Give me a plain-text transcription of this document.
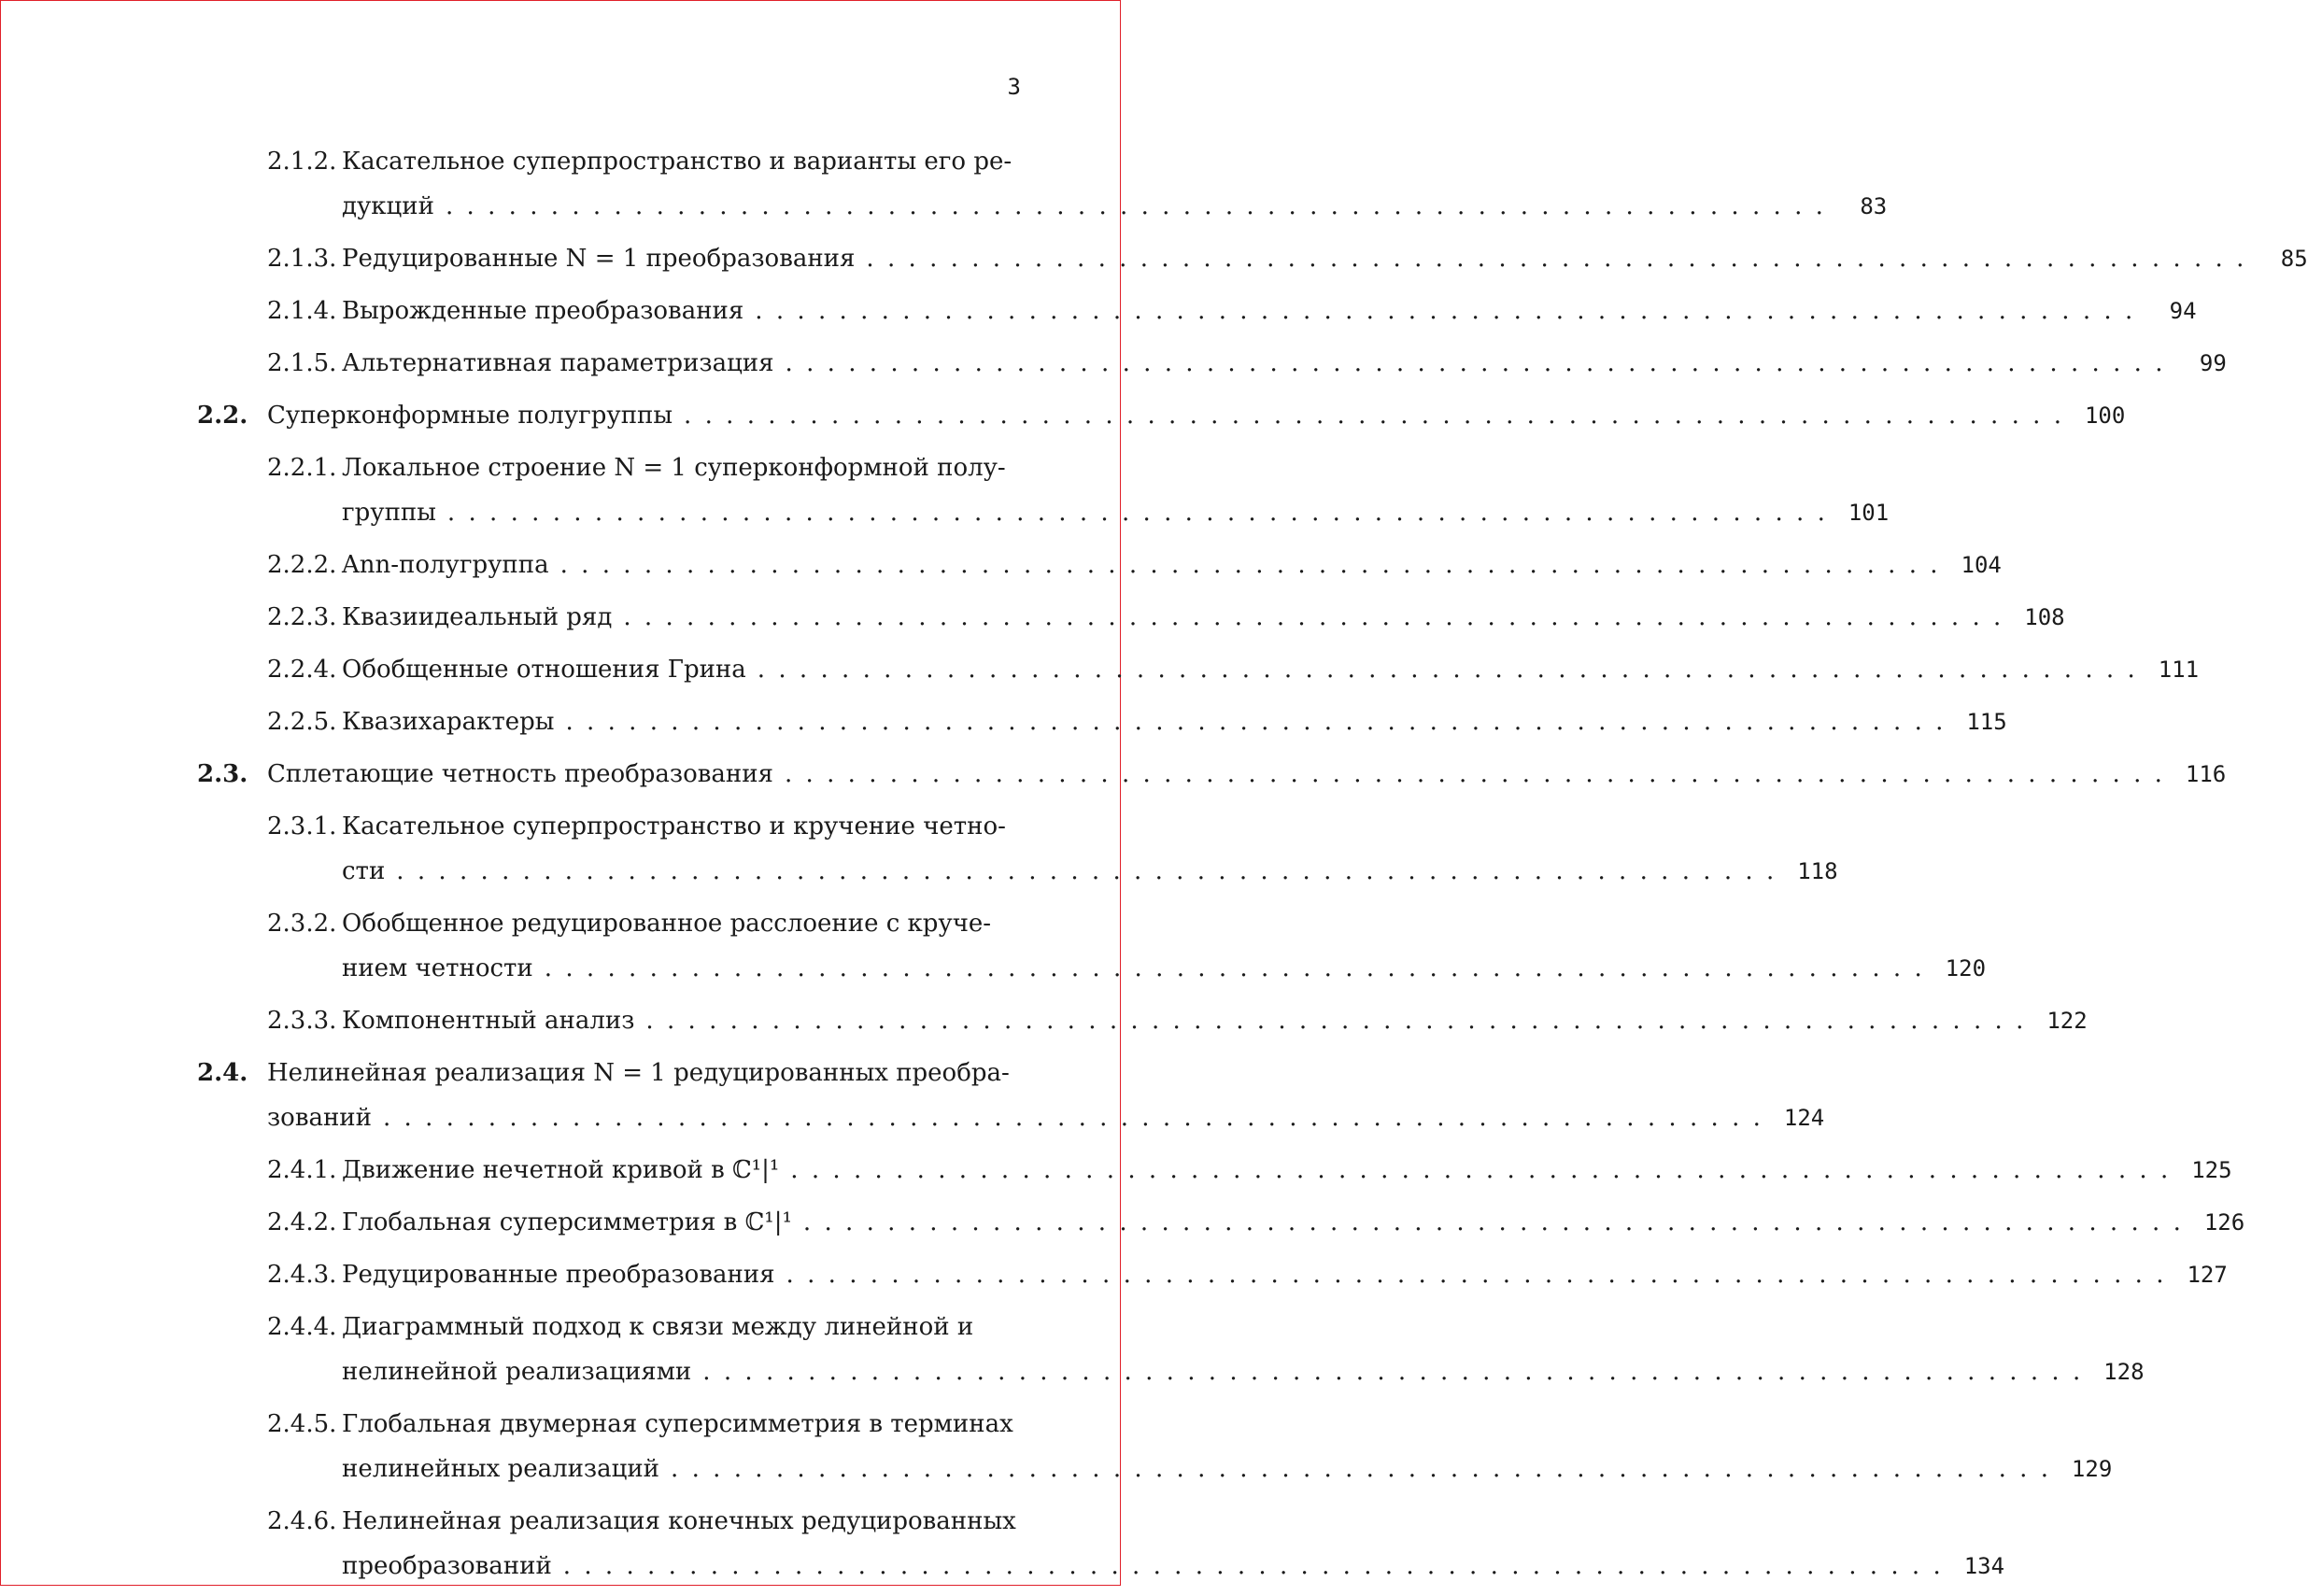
3
2.1.2. Касательное суперпространство и варианты его ре-
дукций ..................................................................	83
2.1.3. Редуцированные N = 1 преобразования ..................................................................	85
2.1.4. Вырожденные преобразования ..................................................................	94
2.1.5. Альтернативная параметризация ..................................................................	99
2.2. Суперконформные полугруппы .................................................................. 100
2.2.1. Локальное строение N = 1 суперконформной полу-
группы .................................................................. 101
2.2.2. Ann-полугруппа .................................................................. 104
2.2.3. Квазиидеальный ряд .................................................................. 108
2.2.4. Обобщенные отношения Грина .................................................................. 111
2.2.5. Квазихарактеры .................................................................. 115
2.3. Сплетающие четность преобразования .................................................................. 116
2.3.1. Касательное суперпространство и кручение четно-
сти .................................................................. 118
2.3.2. Обобщенное редуцированное расслоение с круче-
нием четности .................................................................. 120
2.3.3. Компонентный анализ .................................................................. 122
2.4. Нелинейная реализация N = 1 редуцированных преобра-
зований .................................................................. 124
2.4.1. Движение нечетной кривой в ℂ¹|¹ .................................................................. 125
2.4.2. Глобальная суперсимметрия в ℂ¹|¹ .................................................................. 126
2.4.3. Редуцированные преобразования .................................................................. 127
2.4.4. Диаграммный подход к связи между линейной и
нелинейной реализациями .................................................................. 128
2.4.5. Глобальная двумерная суперсимметрия в терминах
нелинейных реализаций .................................................................. 129
2.4.6. Нелинейная реализация конечных редуцированных
преобразований .................................................................. 134
